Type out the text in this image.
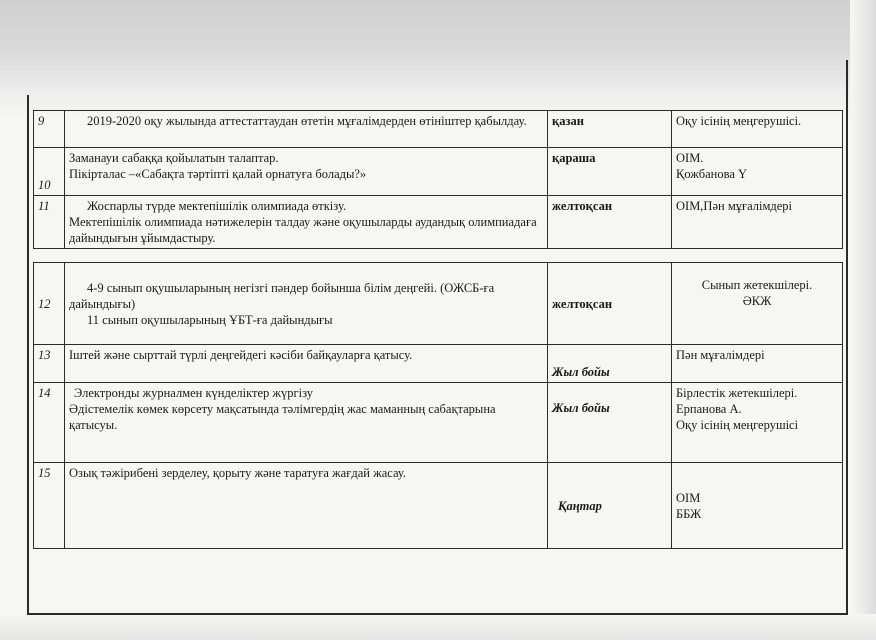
9	2019-2020 оқу жылында аттестаттаудан өтетін мұғалімдерден өтініштер қабылдау.	қазан	Оқу ісінің меңгерушісі.

10	Заманауи сабаққа қойылатын талаптар.
Пікірталас –«Сабақта тәртіпті қалай орнатуға болады?»	қараша	ОІМ.
Қожбанова Ү

11	Жоспарлы түрде мектепішілік олимпиада өткізу.
Мектепішілік олимпиада нәтижелерін талдау және оқушыларды аудандық олимпиадаға дайындығын ұйымдастыру.	желтоқсан	ОІМ,Пән мұғалімдері
12	4-9 сынып оқушыларының негізгі пәндер бойынша білім деңгейі. (ОЖСБ-ға дайындығы)
11 сынып оқушыларының ҰБТ-ға дайындығы	желтоқсан	Сынып жетекшілері.
ӘКЖ

13	Іштей және сырттай түрлі деңгейдегі кәсіби байқауларға қатысу.	Жыл бойы	Пән мұғалімдері

14	Электронды журналмен күнделіктер жүргізу
Әдістемелік көмек көрсету мақсатында тәлімгердің жас маманның сабақтарына қатысуы.	Жыл бойы	Бірлестік жетекшілері.
Ерпанова А.
Оқу ісінің меңгерушісі

15	Озық тәжірибені зерделеу, қорыту және таратуға жағдай жасау.	Қаңтар	ОІМ
ББЖ
